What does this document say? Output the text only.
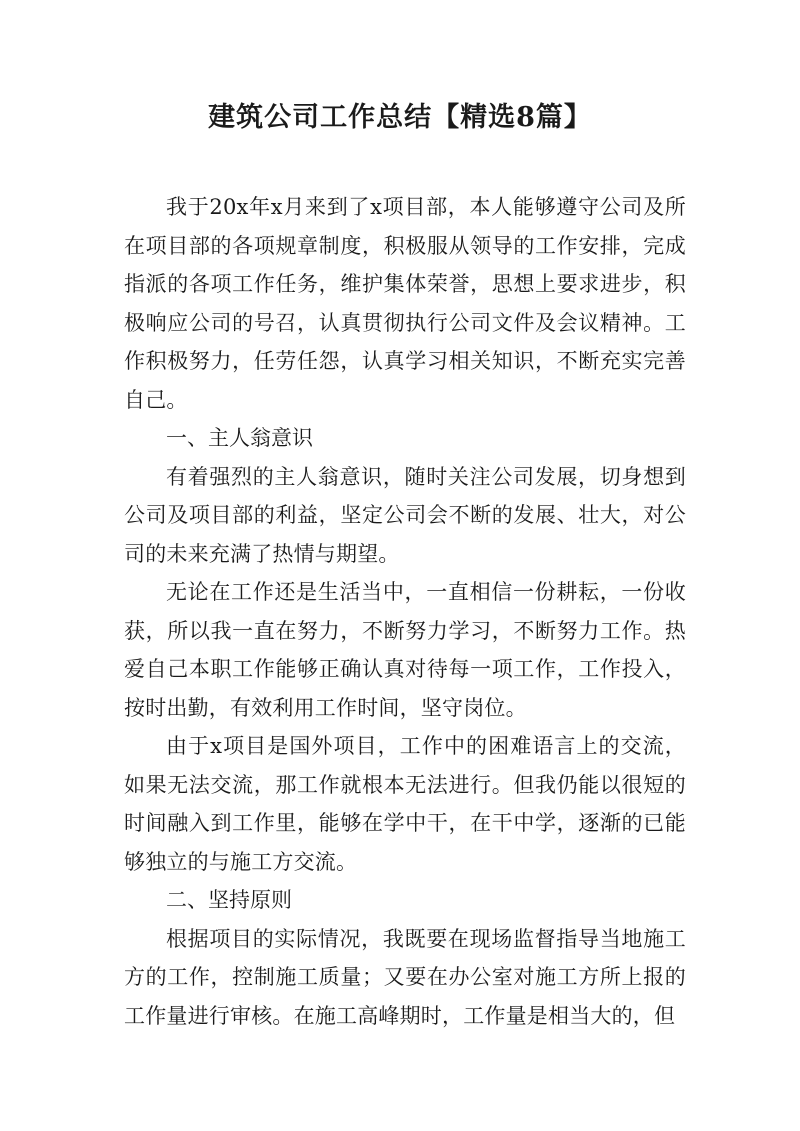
建筑公司工作总结【精选8篇】

我于20x年x月来到了x项目部，本人能够遵守公司及所在项目部的各项规章制度，积极服从领导的工作安排，完成指派的各项工作任务，维护集体荣誉，思想上要求进步，积极响应公司的号召，认真贯彻执行公司文件及会议精神。工作积极努力，任劳任怨，认真学习相关知识，不断充实完善自己。

一、主人翁意识

有着强烈的主人翁意识，随时关注公司发展，切身想到公司及项目部的利益，坚定公司会不断的发展、壮大，对公司的未来充满了热情与期望。

无论在工作还是生活当中，一直相信一份耕耘，一份收获，所以我一直在努力，不断努力学习，不断努力工作。热爱自己本职工作能够正确认真对待每一项工作，工作投入，按时出勤，有效利用工作时间，坚守岗位。

由于x项目是国外项目，工作中的困难语言上的交流，如果无法交流，那工作就根本无法进行。但我仍能以很短的时间融入到工作里，能够在学中干，在干中学，逐渐的已能够独立的与施工方交流。

二、坚持原则

根据项目的实际情况，我既要在现场监督指导当地施工方的工作，控制施工质量；又要在办公室对施工方所上报的工作量进行审核。在施工高峰期时，工作量是相当大的，但
